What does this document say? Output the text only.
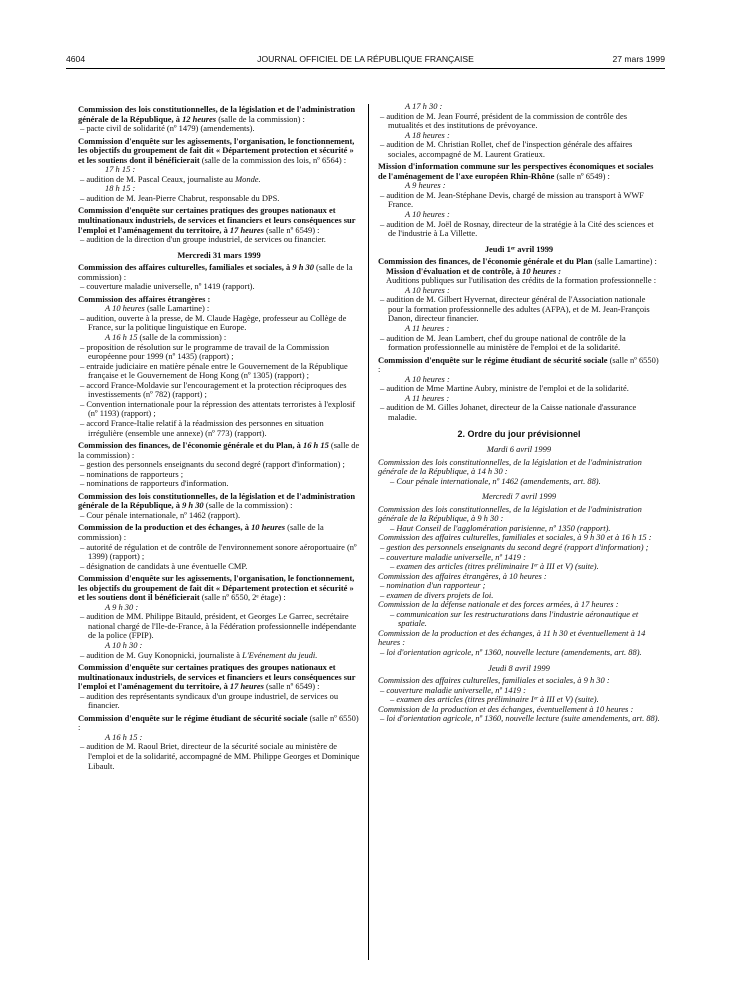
4604	JOURNAL OFFICIEL DE LA RÉPUBLIQUE FRANÇAISE	27 mars 1999
Commission des lois constitutionnelles, de la législation et de l'administration générale de la République, à 12 heures (salle de la commission) :
– pacte civil de solidarité (nº 1479) (amendements).
Commission d'enquête sur les agissements, l'organisation, le fonctionnement, les objectifs du groupement de fait dit « Département protection et sécurité » et les soutiens dont il bénéficierait (salle de la commission des lois, nº 6564) :
17 h 15 :
– audition de M. Pascal Ceaux, journaliste au Monde.
18 h 15 :
– audition de M. Jean-Pierre Chabrut, responsable du DPS.
Commission d'enquête sur certaines pratiques des groupes nationaux et multinationaux industriels, de services et financiers et leurs conséquences sur l'emploi et l'aménagement du territoire, à 17 heures (salle nº 6549) :
– audition de la direction d'un groupe industriel, de services ou financier.
Mercredi 31 mars 1999
Commission des affaires culturelles, familiales et sociales, à 9 h 30 (salle de la commission) :
– couverture maladie universelle, nº 1419 (rapport).
Commission des affaires étrangères :
A 10 heures (salle Lamartine) :
– audition, ouverte à la presse, de M. Claude Hagège, professeur au Collège de France, sur la politique linguistique en Europe.
A 16 h 15 (salle de la commission) :
– proposition de résolution sur le programme de travail de la Commission européenne pour 1999 (nº 1435) (rapport) ;
– entraide judiciaire en matière pénale entre le Gouvernement de la République française et le Gouvernement de Hong Kong (nº 1305) (rapport) ;
– accord France-Moldavie sur l'encouragement et la protection réciproques des investissements (nº 782) (rapport) ;
– Convention internationale pour la répression des attentats terroristes à l'explosif (nº 1193) (rapport) ;
– accord France-Italie relatif à la réadmission des personnes en situation irrégulière (ensemble une annexe) (nº 773) (rapport).
Commission des finances, de l'économie générale et du Plan, à 16 h 15 (salle de la commission) :
– gestion des personnels enseignants du second degré (rapport d'information) ;
– nominations de rapporteurs ;
– nominations de rapporteurs d'information.
Commission des lois constitutionnelles, de la législation et de l'administration générale de la République, à 9 h 30 (salle de la commission) :
– Cour pénale internationale, nº 1462 (rapport).
Commission de la production et des échanges, à 10 heures (salle de la commission) :
– autorité de régulation et de contrôle de l'environnement sonore aéroportuaire (nº 1399) (rapport) ;
– désignation de candidats à une éventuelle CMP.
Commission d'enquête sur les agissements, l'organisation, le fonctionnement, les objectifs du groupement de fait dit « Département protection et sécurité » et les soutiens dont il bénéficierait (salle nº 6550, 2ᵉ étage) :
A 9 h 30 :
– audition de MM. Philippe Bitauld, président, et Georges Le Garrec, secrétaire national chargé de l'Ile-de-France, à la Fédération professionnelle indépendante de la police (FPIP).
A 10 h 30 :
– audition de M. Guy Konopnicki, journaliste à L'Evénement du jeudi.
Commission d'enquête sur certaines pratiques des groupes nationaux et multinationaux industriels, de services et financiers et leurs conséquences sur l'emploi et l'aménagement du territoire, à 17 heures (salle nº 6549) :
– audition des représentants syndicaux d'un groupe industriel, de services ou financier.
Commission d'enquête sur le régime étudiant de sécurité sociale (salle nº 6550) :
A 16 h 15 :
– audition de M. Raoul Briet, directeur de la sécurité sociale au ministère de l'emploi et de la solidarité, accompagné de MM. Philippe Georges et Dominique Libault.
A 17 h 30 :
– audition de M. Jean Fourré, président de la commission de contrôle des mutualités et des institutions de prévoyance.
A 18 heures :
– audition de M. Christian Rollet, chef de l'inspection générale des affaires sociales, accompagné de M. Laurent Gratieux.
Mission d'information commune sur les perspectives économiques et sociales de l'aménagement de l'axe européen Rhin-Rhône (salle nº 6549) :
A 9 heures :
– audition de M. Jean-Stéphane Devis, chargé de mission au transport à WWF France.
A 10 heures :
– audition de M. Joël de Rosnay, directeur de la stratégie à la Cité des sciences et de l'industrie à La Villette.
Jeudi 1ᵉʳ avril 1999
Commission des finances, de l'économie générale et du Plan (salle Lamartine) :
Mission d'évaluation et de contrôle, à 10 heures :
Auditions publiques sur l'utilisation des crédits de la formation professionnelle :
A 10 heures :
– audition de M. Gilbert Hyvernat, directeur général de l'Association nationale pour la formation professionnelle des adultes (AFPA), et de M. Jean-François Danon, directeur financier.
A 11 heures :
– audition de M. Jean Lambert, chef du groupe national de contrôle de la formation professionnelle au ministère de l'emploi et de la solidarité.
Commission d'enquête sur le régime étudiant de sécurité sociale (salle nº 6550) :
A 10 heures :
– audition de Mme Martine Aubry, ministre de l'emploi et de la solidarité.
A 11 heures :
– audition de M. Gilles Johanet, directeur de la Caisse nationale d'assurance maladie.
2. Ordre du jour prévisionnel
Mardi 6 avril 1999
Commission des lois constitutionnelles, de la législation et de l'administration générale de la République, à 14 h 30 :
– Cour pénale internationale, nº 1462 (amendements, art. 88).
Mercredi 7 avril 1999
Commission des lois constitutionnelles, de la législation et de l'administration générale de la République, à 9 h 30 :
– Haut Conseil de l'agglomération parisienne, nº 1350 (rapport).
Commission des affaires culturelles, familiales et sociales, à 9 h 30 et à 16 h 15 :
– gestion des personnels enseignants du second degré (rapport d'information) ;
– couverture maladie universelle, nº 1419 :
– examen des articles (titres préliminaire Iᵉʳ à III et V) (suite).
Commission des affaires étrangères, à 10 heures :
– nomination d'un rapporteur ;
– examen de divers projets de loi.
Commission de la défense nationale et des forces armées, à 17 heures :
– communication sur les restructurations dans l'industrie aéronautique et spatiale.
Commission de la production et des échanges, à 11 h 30 et éventuellement à 14 heures :
– loi d'orientation agricole, nº 1360, nouvelle lecture (amendements, art. 88).
Jeudi 8 avril 1999
Commission des affaires culturelles, familiales et sociales, à 9 h 30 :
– couverture maladie universelle, nº 1419 :
– examen des articles (titres préliminaire Iᵉʳ à III et V) (suite).
Commission de la production et des échanges, éventuellement à 10 heures :
– loi d'orientation agricole, nº 1360, nouvelle lecture (suite amendements, art. 88).
